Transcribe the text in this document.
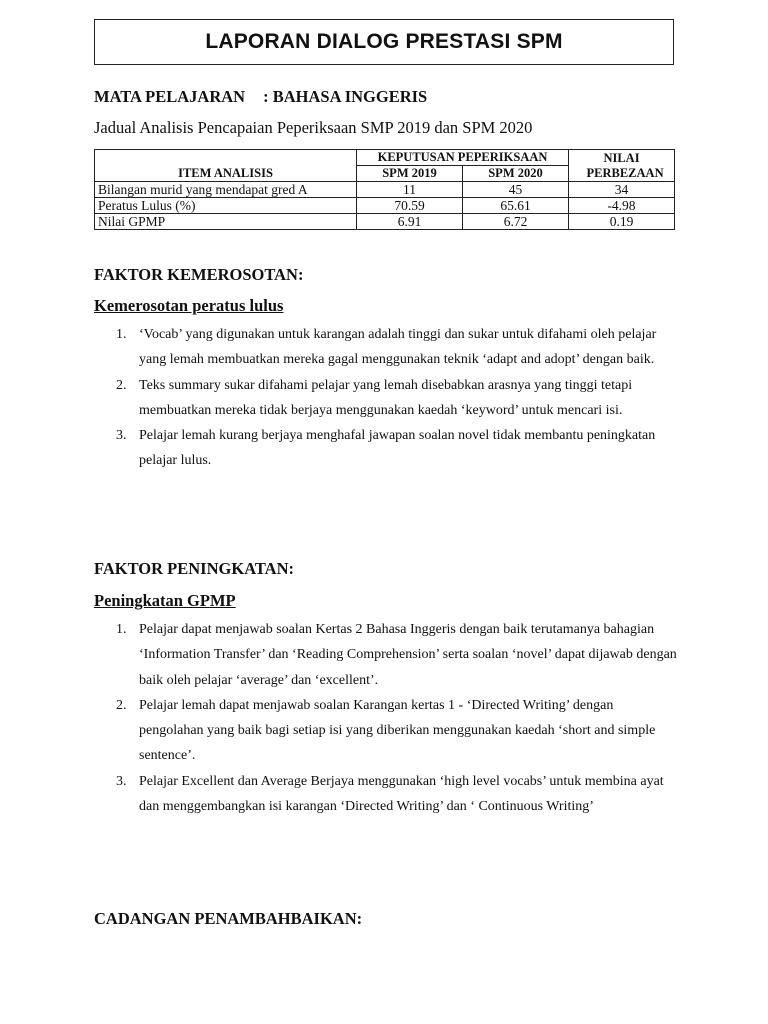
LAPORAN DIALOG PRESTASI SPM
MATA PELAJARAN : BAHASA INGGERIS
Jadual Analisis Pencapaian Peperiksaan SMP 2019 dan SPM 2020
ITEM ANALISIS	KEPUTUSAN PEPERIKSAAN		NILAI PERBEZAAN

	SPM 2019	SPM 2020	
Bilangan murid yang mendapat gred A	11	45	34
Peratus Lulus (%)	70.59	65.61	-4.98
Nilai GPMP	6.91	6.72	0.19
FAKTOR KEMEROSOTAN:
Kemerosotan peratus lulus
1. ‘Vocab’ yang digunakan untuk karangan adalah tinggi dan sukar untuk difahami oleh pelajar yang lemah membuatkan mereka gagal menggunakan teknik ‘adapt and adopt’ dengan baik.
2. Teks summary sukar difahami pelajar yang lemah disebabkan arasnya yang tinggi tetapi membuatkan mereka tidak berjaya menggunakan kaedah ‘keyword’ untuk mencari isi.
3. Pelajar lemah kurang berjaya menghafal jawapan soalan novel tidak membantu peningkatan pelajar lulus.
FAKTOR PENINGKATAN:
Peningkatan GPMP
1. Pelajar dapat menjawab soalan Kertas 2 Bahasa Inggeris dengan baik terutamanya bahagian ‘Information Transfer’ dan ‘Reading Comprehension’ serta soalan ‘novel’ dapat dijawab dengan baik oleh pelajar ‘average’ dan ‘excellent’.
2. Pelajar lemah dapat menjawab soalan Karangan kertas 1 - ‘Directed Writing’ dengan pengolahan yang baik bagi setiap isi yang diberikan menggunakan kaedah ‘short and simple sentence’.
3. Pelajar Excellent dan Average Berjaya menggunakan ‘high level vocabs’ untuk membina ayat dan menggembangkan isi karangan ‘Directed Writing’ dan ‘ Continuous Writing’
CADANGAN PENAMBAHBAIKAN:
